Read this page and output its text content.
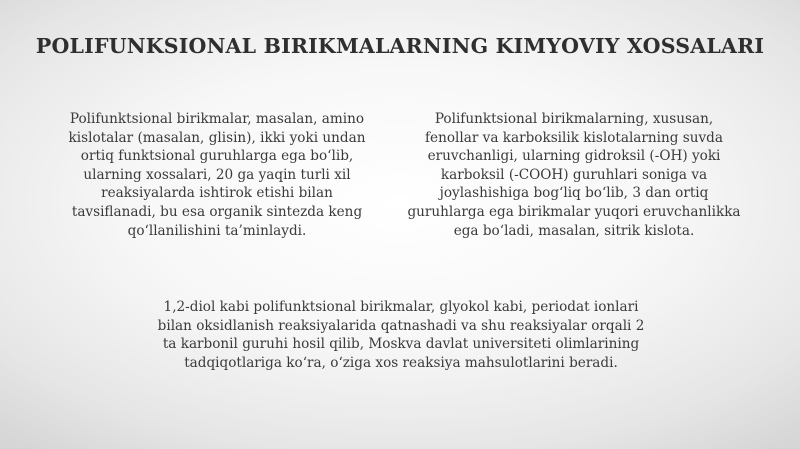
POLIFUNKSIONAL BIRIKMALARNING KIMYOVIY XOSSALARI
Polifunktsional birikmalar, masalan, amino
kislotalar (masalan, glisin), ikki yoki undan
ortiq funktsional guruhlarga ega bo‘lib,
ularning xossalari, 20 ga yaqin turli xil
reaksiyalarda ishtirok etishi bilan
tavsiflanadi, bu esa organik sintezda keng
qo‘llanilishini ta’minlaydi.
Polifunktsional birikmalarning, xususan,
fenollar va karboksilik kislotalarning suvda
eruvchanligi, ularning gidroksil (-OH) yoki
karboksil (-COOH) guruhlari soniga va
joylashishiga bog‘liq bo‘lib, 3 dan ortiq
guruhlarga ega birikmalar yuqori eruvchanlikka
ega bo‘ladi, masalan, sitrik kislota.
1,2-diol kabi polifunktsional birikmalar, glyokol kabi, periodat ionlari
bilan oksidlanish reaksiyalarida qatnashadi va shu reaksiyalar orqali 2
ta karbonil guruhi hosil qilib, Moskva davlat universiteti olimlarining
tadqiqotlariga ko‘ra, o‘ziga xos reaksiya mahsulotlarini beradi.
